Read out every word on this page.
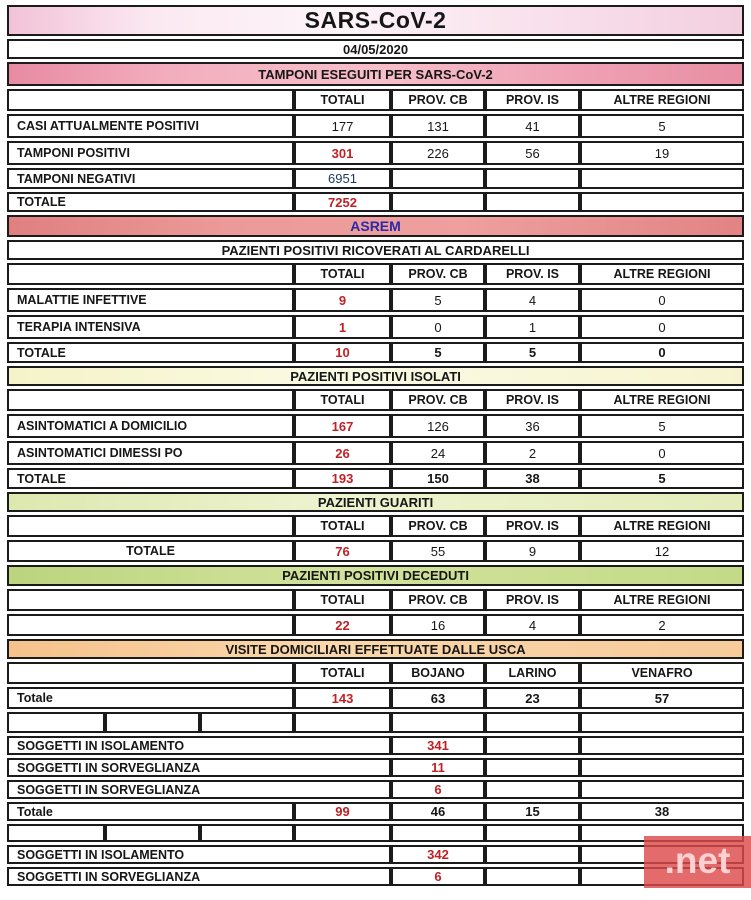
SARS-CoV-2						
04/05/2020						
TAMPONI ESEGUITI PER SARS-CoV-2						
			TOTALI	PROV. CB	PROV. IS	ALTRE REGIONI
CASI ATTUALMENTE POSITIVI			177	131	41	5
TAMPONI POSITIVI			301	226	56	19
TAMPONI NEGATIVI			6951			
TOTALE			7252			
ASREM						
PAZIENTI POSITIVI RICOVERATI AL CARDARELLI						
			TOTALI	PROV. CB	PROV. IS	ALTRE REGIONI
MALATTIE INFETTIVE			9	5	4	0
TERAPIA INTENSIVA			1	0	1	0
TOTALE			10	5	5	0
PAZIENTI POSITIVI ISOLATI						
			TOTALI	PROV. CB	PROV. IS	ALTRE REGIONI
ASINTOMATICI A DOMICILIO			167	126	36	5
ASINTOMATICI DIMESSI PO			26	24	2	0
TOTALE			193	150	38	5
PAZIENTI GUARITI						
			TOTALI	PROV. CB	PROV. IS	ALTRE REGIONI
TOTALE			76	55	9	12
PAZIENTI POSITIVI DECEDUTI						
			TOTALI	PROV. CB	PROV. IS	ALTRE REGIONI
			22	16	4	2
VISITE DOMICILIARI EFFETTUATE DALLE USCA						
			TOTALI	BOJANO	LARINO	VENAFRO
Totale			143	63	23	57

SOGGETTI IN ISOLAMENTO				341		
SOGGETTI IN SORVEGLIANZA				11		
SOGGETTI IN SORVEGLIANZA				6		
Totale			99	46	15	38

SOGGETTI IN ISOLAMENTO				342		
SOGGETTI IN SORVEGLIANZA				6			.net
